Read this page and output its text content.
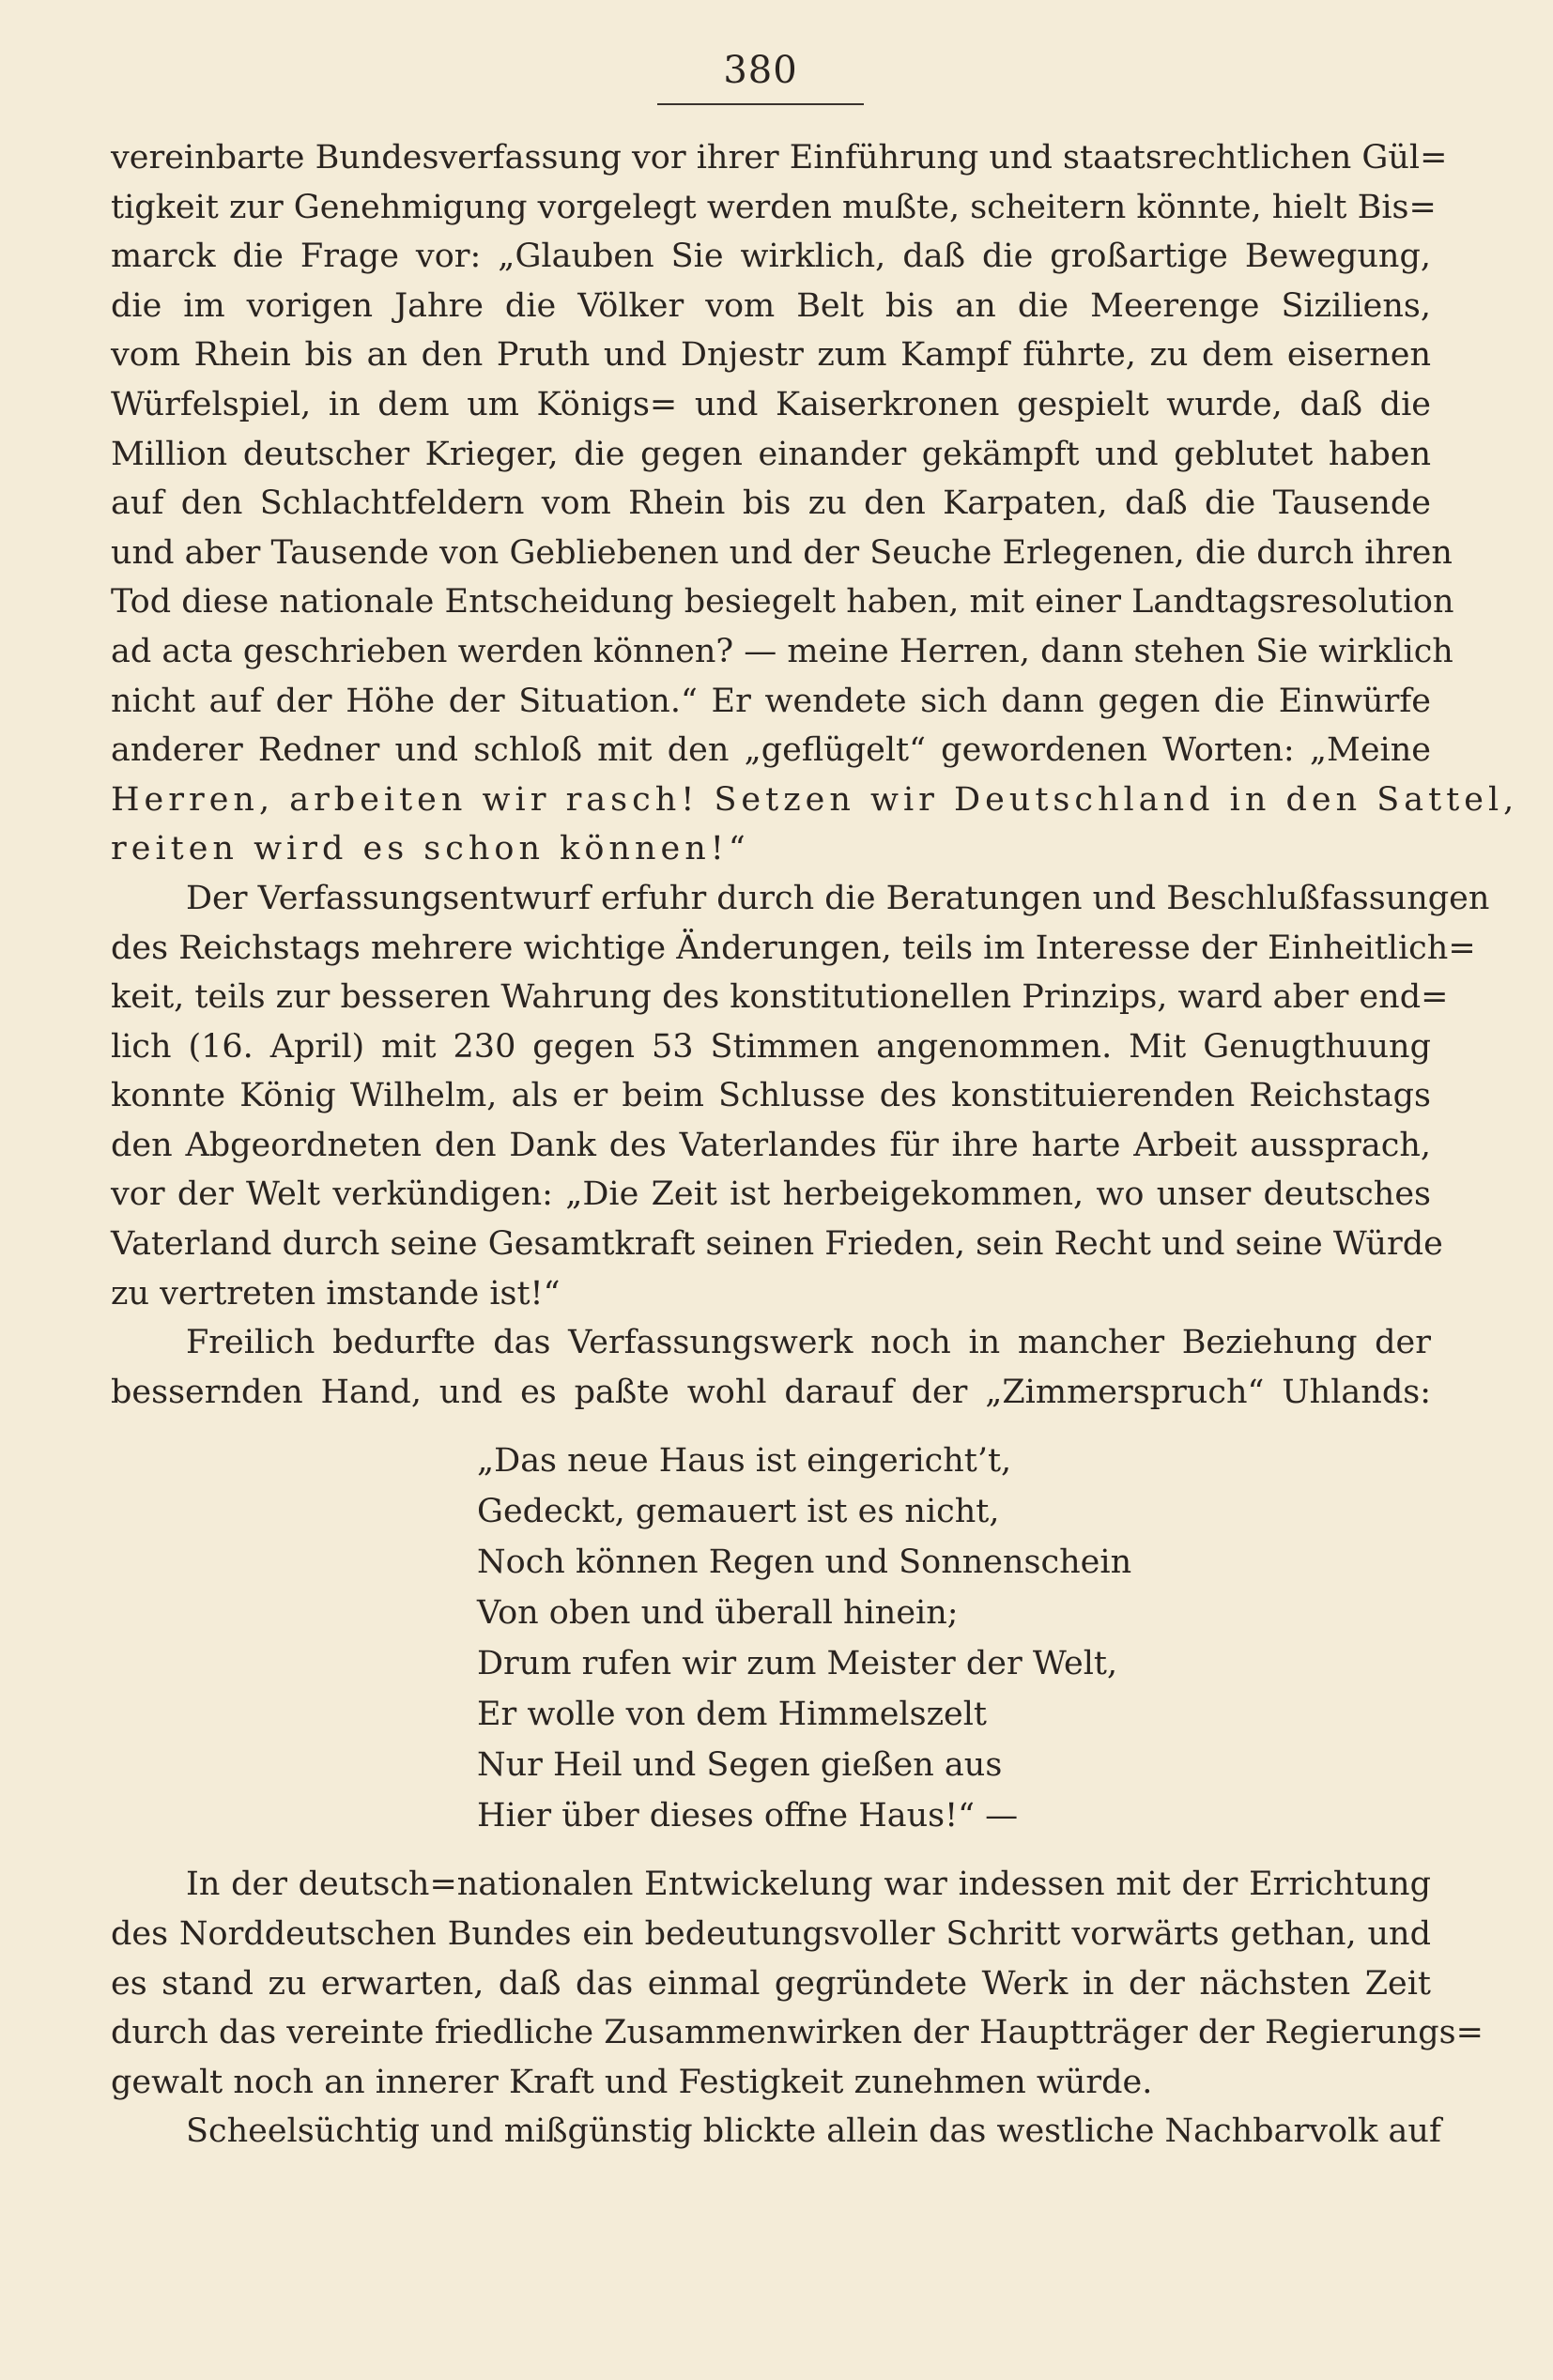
380
vereinbarte Bundesverfassung vor ihrer Einführung und staatsrechtlichen Gül=
tigkeit zur Genehmigung vorgelegt werden mußte, scheitern könnte, hielt Bis=
marck die Frage vor: „Glauben Sie wirklich, daß die großartige Bewegung,
die im vorigen Jahre die Völker vom Belt bis an die Meerenge Siziliens,
vom Rhein bis an den Pruth und Dnjestr zum Kampf führte, zu dem eisernen
Würfelspiel, in dem um Königs= und Kaiserkronen gespielt wurde, daß die
Million deutscher Krieger, die gegen einander gekämpft und geblutet haben
auf den Schlachtfeldern vom Rhein bis zu den Karpaten, daß die Tausende
und aber Tausende von Gebliebenen und der Seuche Erlegenen, die durch ihren
Tod diese nationale Entscheidung besiegelt haben, mit einer Landtagsresolution
ad acta geschrieben werden können? — meine Herren, dann stehen Sie wirklich
nicht auf der Höhe der Situation.“ Er wendete sich dann gegen die Einwürfe
anderer Redner und schloß mit den „geflügelt“ gewordenen Worten: „Meine
Herren, arbeiten wir rasch! Setzen wir Deutschland in den Sattel,
reiten wird es schon können!“
Der Verfassungsentwurf erfuhr durch die Beratungen und Beschlußfassungen
des Reichstags mehrere wichtige Änderungen, teils im Interesse der Einheitlich=
keit, teils zur besseren Wahrung des konstitutionellen Prinzips, ward aber end=
lich (16. April) mit 230 gegen 53 Stimmen angenommen. Mit Genugthuung
konnte König Wilhelm, als er beim Schlusse des konstituierenden Reichstags
den Abgeordneten den Dank des Vaterlandes für ihre harte Arbeit aussprach,
vor der Welt verkündigen: „Die Zeit ist herbeigekommen, wo unser deutsches
Vaterland durch seine Gesamtkraft seinen Frieden, sein Recht und seine Würde
zu vertreten imstande ist!“
Freilich bedurfte das Verfassungswerk noch in mancher Beziehung der
bessernden Hand, und es paßte wohl darauf der „Zimmerspruch“ Uhlands:
„Das neue Haus ist eingericht’t,
Gedeckt, gemauert ist es nicht,
Noch können Regen und Sonnenschein
Von oben und überall hinein;
Drum rufen wir zum Meister der Welt,
Er wolle von dem Himmelszelt
Nur Heil und Segen gießen aus
Hier über dieses offne Haus!“ —
In der deutsch=nationalen Entwickelung war indessen mit der Errichtung
des Norddeutschen Bundes ein bedeutungsvoller Schritt vorwärts gethan, und
es stand zu erwarten, daß das einmal gegründete Werk in der nächsten Zeit
durch das vereinte friedliche Zusammenwirken der Hauptträger der Regierungs=
gewalt noch an innerer Kraft und Festigkeit zunehmen würde.
Scheelsüchtig und mißgünstig blickte allein das westliche Nachbarvolk auf
